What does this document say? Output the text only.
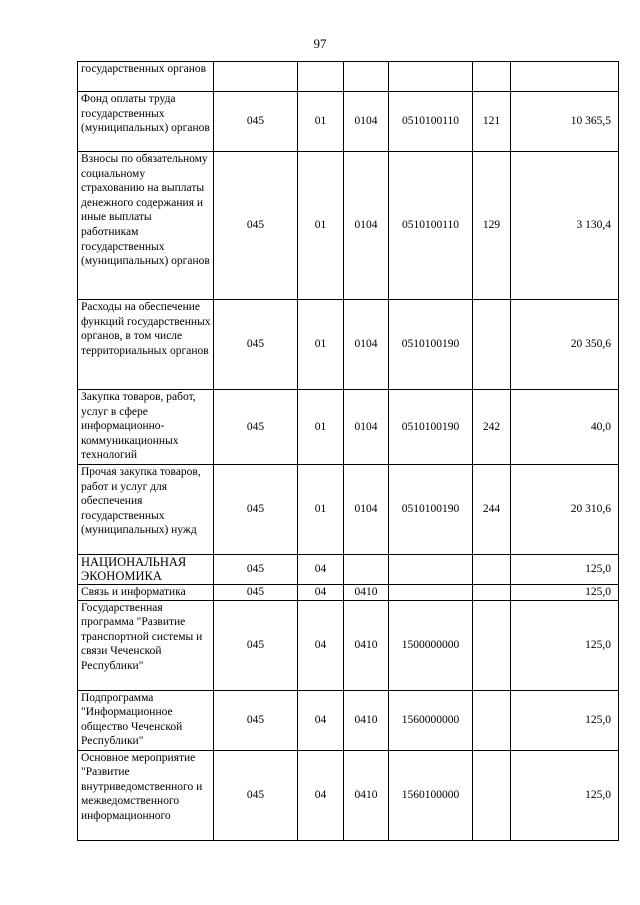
97
государственных органов						
Фонд оплаты труда государственных (муниципальных) органов	045	01	0104	0510100110	121	10 365,5
Взносы по обязательному социальному страхованию на выплаты денежного содержания и иные выплаты работникам государственных (муниципальных) органов	045	01	0104	0510100110	129	3 130,4
Расходы на обеспечение функций государственных органов, в том числе территориальных органов	045	01	0104	0510100190		20 350,6
Закупка товаров, работ, услуг в сфере информационно-коммуникационных технологий	045	01	0104	0510100190	242	40,0
Прочая закупка товаров, работ и услуг для обеспечения государственных (муниципальных) нужд	045	01	0104	0510100190	244	20 310,6
НАЦИОНАЛЬНАЯ ЭКОНОМИКА	045	04				125,0
Связь и информатика	045	04	0410			125,0
Государственная программа "Развитие транспортной системы и связи Чеченской Республики"	045	04	0410	1500000000		125,0
Подпрограмма "Информационное общество Чеченской Республики"	045	04	0410	1560000000		125,0
Основное мероприятие "Развитие внутриведомственного и межведомственного информационного	045	04	0410	1560100000		125,0
